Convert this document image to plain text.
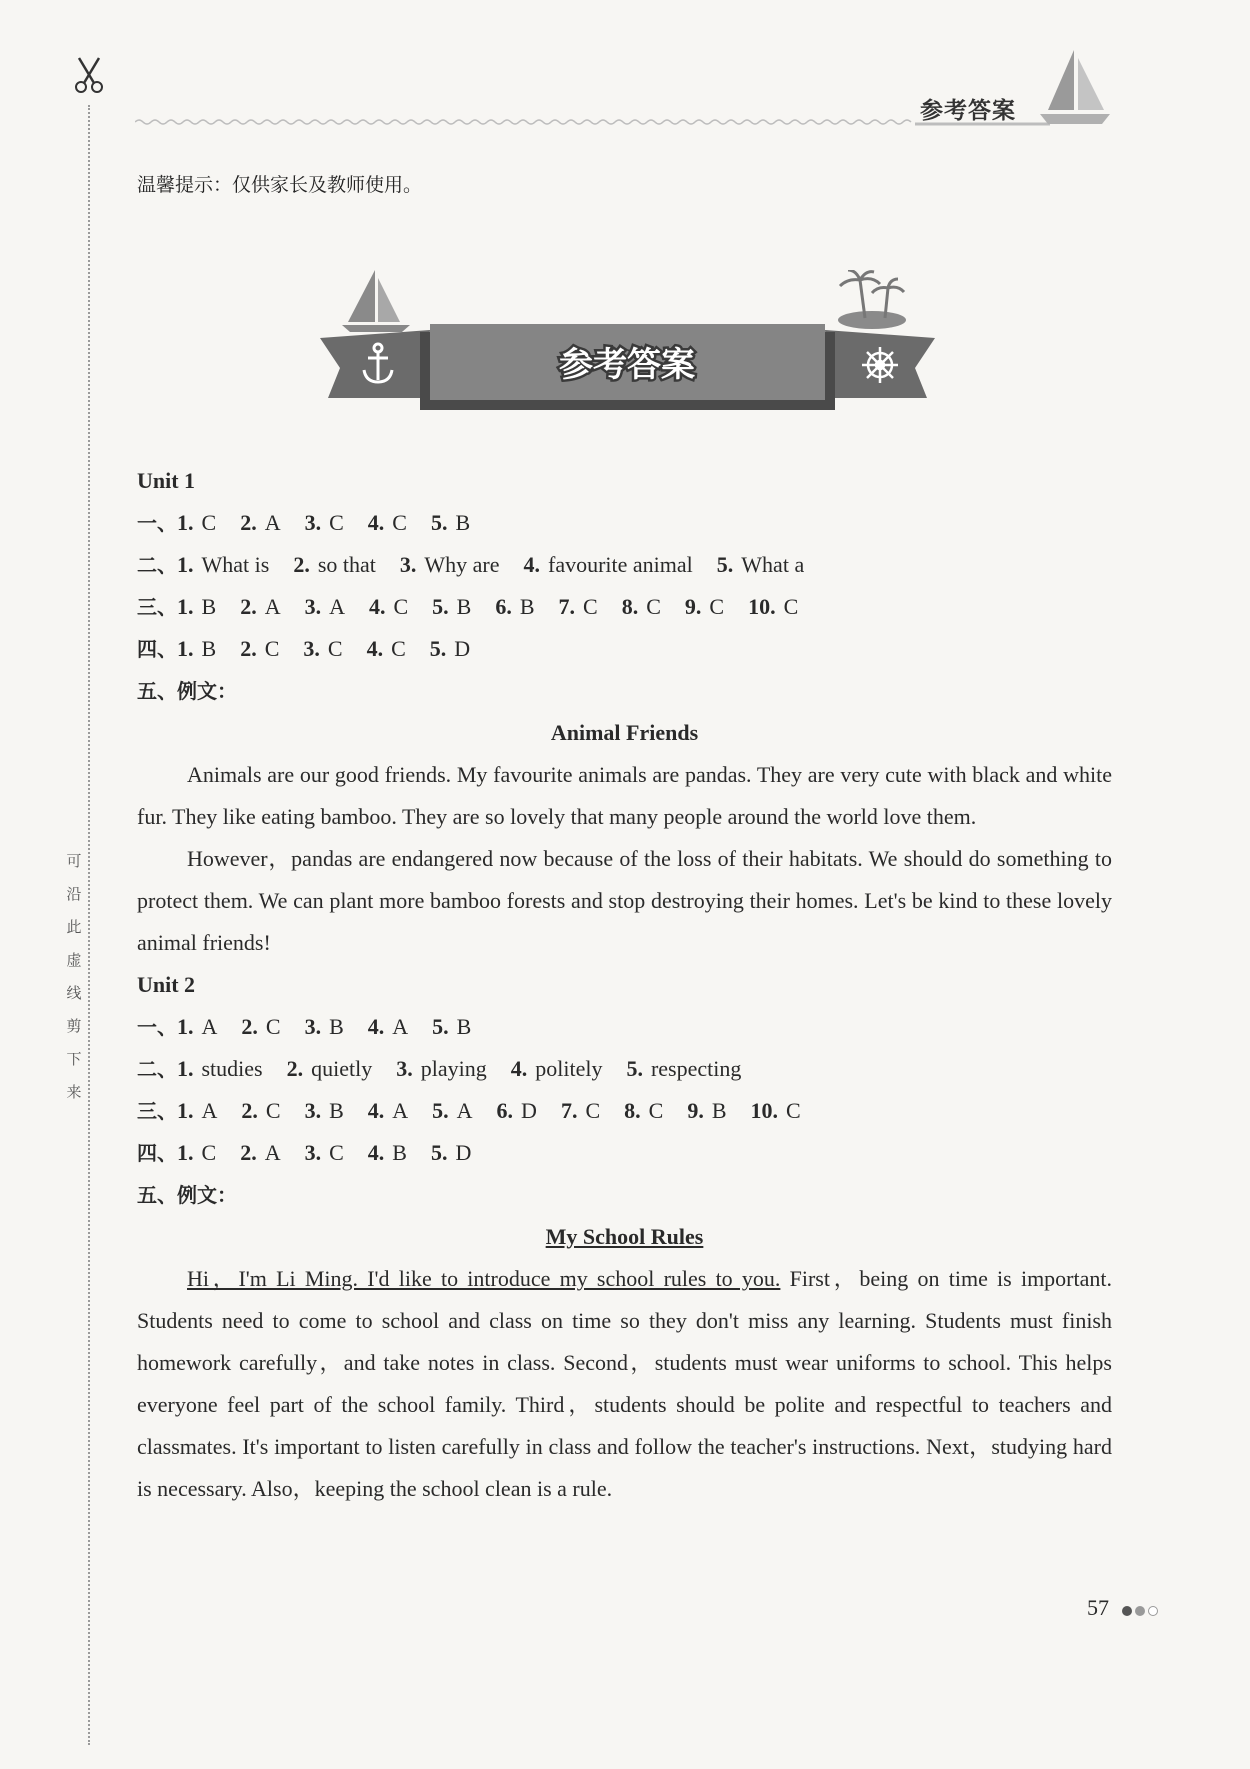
可
沿
此
虚
线
剪
下
来
参考答案
温馨提示：仅供家长及教师使用。
参考答案
Unit 1
一、1. C 2. A 3. C 4. C 5. B
二、1. What is 2. so that 3. Why are 4. favourite animal 5. What a
三、1. B 2. A 3. A 4. C 5. B 6. B 7. C 8. C 9. C 10. C
四、1. B 2. C 3. C 4. C 5. D
五、例文：
Animal Friends

Animals are our good friends. My favourite animals are pandas. They are very cute with black and white fur. They like eating bamboo. They are so lovely that many people around the world love them.

However，pandas are endangered now because of the loss of their habitats. We should do something to protect them. We can plant more bamboo forests and stop destroying their homes. Let's be kind to these lovely animal friends!

Unit 2
一、1. A 2. C 3. B 4. A 5. B
二、1. studies 2. quietly 3. playing 4. politely 5. respecting
三、1. A 2. C 3. B 4. A 5. A 6. D 7. C 8. C 9. B 10. C
四、1. C 2. A 3. C 4. B 5. D
五、例文：
My School Rules

Hi，I'm Li Ming. I'd like to introduce my school rules to you. First，being on time is important. Students need to come to school and class on time so they don't miss any learning. Students must finish homework carefully，and take notes in class. Second，students must wear uniforms to school. This helps everyone feel part of the school family. Third，students should be polite and respectful to teachers and classmates. It's important to listen carefully in class and follow the teacher's instructions. Next，studying hard is necessary. Also，keeping the school clean is a rule.

57
